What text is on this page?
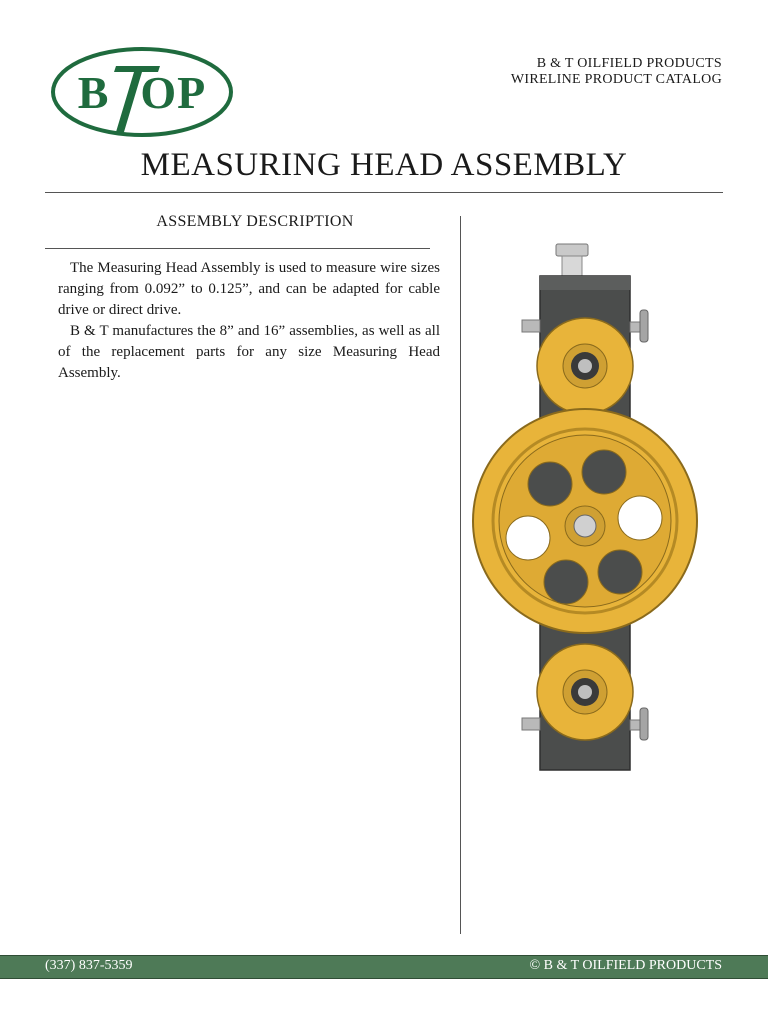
BTOP
B & T OILFIELD PRODUCTS
WIRELINE PRODUCT CATALOG
MEASURING HEAD ASSEMBLY
ASSEMBLY DESCRIPTION

The Measuring Head Assembly is used to measure wire sizes ranging from 0.092” to 0.125”, and can be adapted for cable drive or direct drive.

B & T manufactures the 8” and 16” assemblies, as well as all of the replacement parts for any size Measuring Head Assembly.

(337) 837-5359	© B & T OILFIELD PRODUCTS
